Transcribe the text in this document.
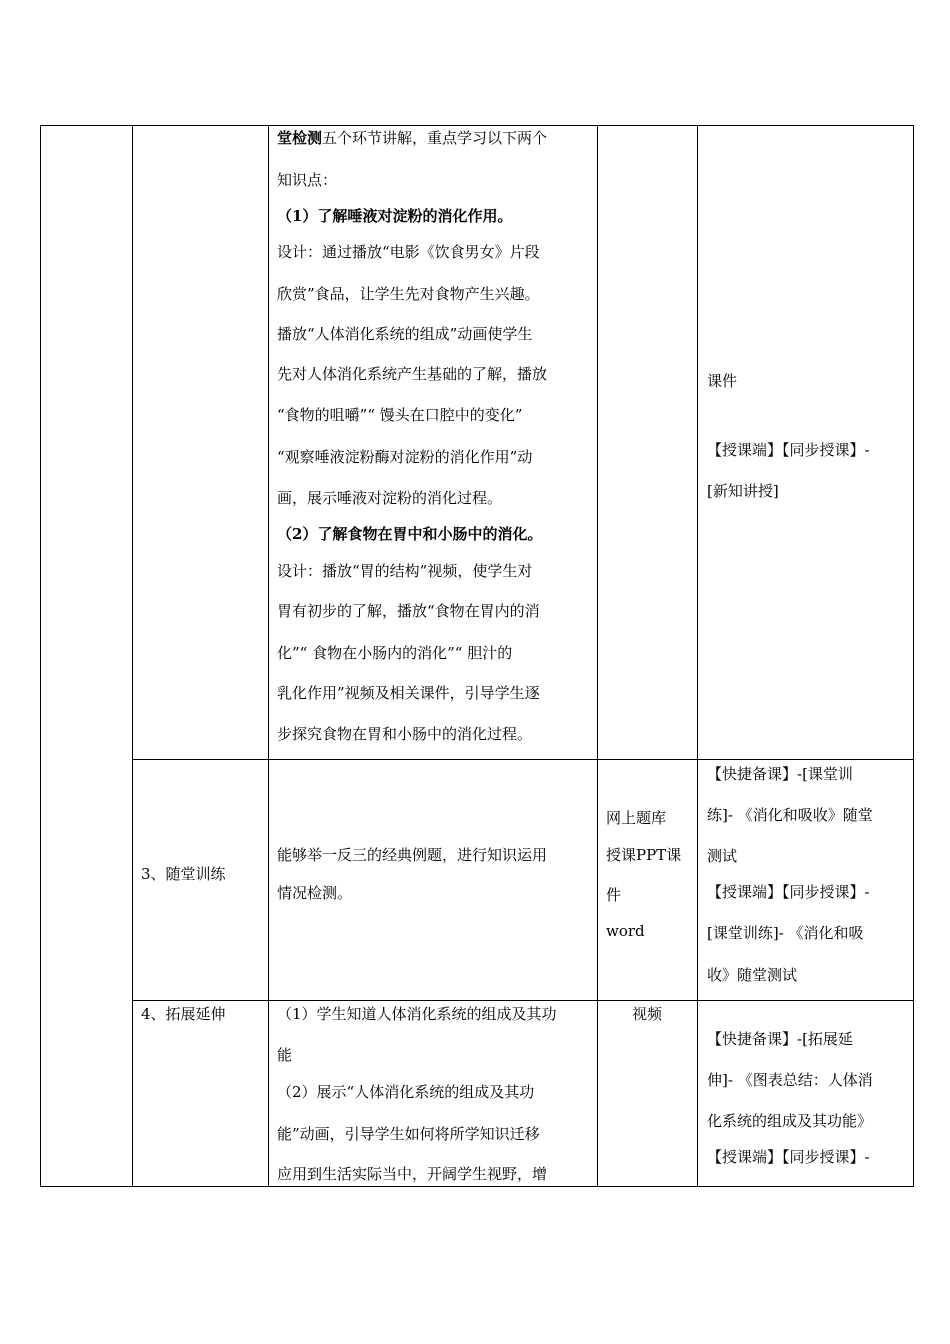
堂检测五个环节讲解，重点学习以下两个
知识点：
（1）了解唾液对淀粉的消化作用。
设计：通过播放“电影《饮食男女》片段
欣赏”食品，让学生先对食物产生兴趣。
播放“人体消化系统的组成”动画使学生
先对人体消化系统产生基础的了解，播放
“食物的咀嚼”“ 馒头在口腔中的变化”
“观察唾液淀粉酶对淀粉的消化作用”动
画，展示唾液对淀粉的消化过程。
（2）了解食物在胃中和小肠中的消化。
设计：播放“胃的结构”视频，使学生对
胃有初步的了解，播放“食物在胃内的消
化”“ 食物在小肠内的消化”“ 胆汁的
乳化作用”视频及相关课件，引导学生逐
步探究食物在胃和小肠中的消化过程。
课件
【授课端】【同步授课】-
[新知讲授]
3、随堂训练
能够举一反三的经典例题，进行知识运用
情况检测。
网上题库
授课PPT课
件
word
【快捷备课】-[课堂训
练]- 《消化和吸收》随堂
测试
【授课端】【同步授课】-
[课堂训练]- 《消化和吸
收》随堂测试
4、拓展延伸	（1）学生知道人体消化系统的组成及其功
能
（2）展示“人体消化系统的组成及其功
能”动画，引导学生如何将所学知识迁移
应用到生活实际当中，开阔学生视野，增
视频
【快捷备课】-[拓展延
伸]- 《图表总结：人体消
化系统的组成及其功能》
【授课端】【同步授课】-
